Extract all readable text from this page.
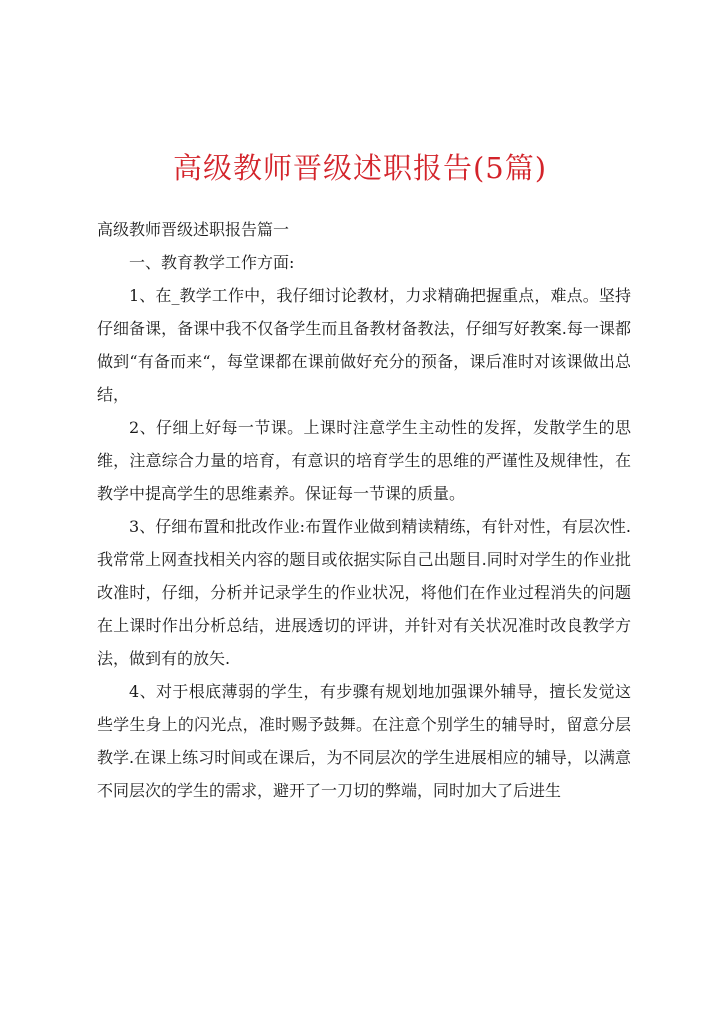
高级教师晋级述职报告(5篇)

高级教师晋级述职报告篇一

一、教育教学工作方面:

1、在_教学工作中，我仔细讨论教材，力求精确把握重点，难点。坚持仔细备课，备课中我不仅备学生而且备教材备教法，仔细写好教案.每一课都做到“有备而来“，每堂课都在课前做好充分的预备，课后准时对该课做出总结，

2、仔细上好每一节课。上课时注意学生主动性的发挥，发散学生的思维，注意综合力量的培育，有意识的培育学生的思维的严谨性及规律性，在教学中提高学生的思维素养。保证每一节课的质量。

3、仔细布置和批改作业:布置作业做到精读精练，有针对性，有层次性.我常常上网查找相关内容的题目或依据实际自己出题目.同时对学生的作业批改准时，仔细，分析并记录学生的作业状况，将他们在作业过程消失的问题在上课时作出分析总结，进展透切的评讲，并针对有关状况准时改良教学方法，做到有的放矢.

4、对于根底薄弱的学生，有步骤有规划地加强课外辅导，擅长发觉这些学生身上的闪光点，准时赐予鼓舞。在注意个别学生的辅导时，留意分层教学.在课上练习时间或在课后，为不同层次的学生进展相应的辅导，以满意不同层次的学生的需求，避开了一刀切的弊端，同时加大了后进生
